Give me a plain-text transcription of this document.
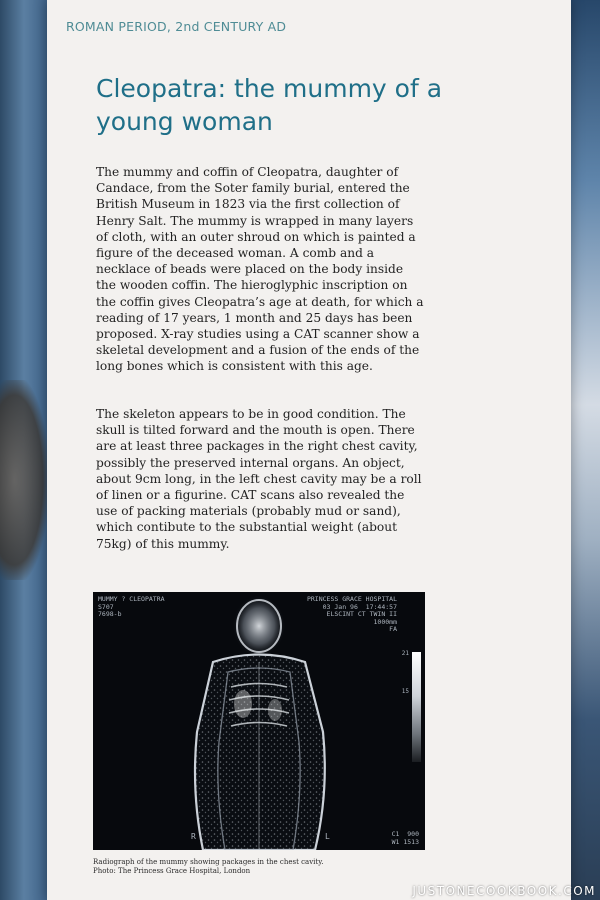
ROMAN PERIOD, 2nd CENTURY AD
Cleopatra: the mummy of a young woman

The mummy and coffin of Cleopatra, daughter of Candace, from the Soter family burial, entered the British Museum in 1823 via the first collection of Henry Salt. The mummy is wrapped in many layers of cloth, with an outer shroud on which is painted a figure of the deceased woman. A comb and a necklace of beads were placed on the body inside the wooden coffin. The hieroglyphic inscription on the coffin gives Cleopatra’s age at death, for which a reading of 17 years, 1 month and 25 days has been proposed. X-ray studies using a CAT scanner show a skeletal development and a fusion of the ends of the long bones which is consistent with this age.

The skeleton appears to be in good condition. The skull is tilted forward and the mouth is open. There are at least three packages in the right chest cavity, possibly the preserved internal organs. An object, about 9cm long, in the left chest cavity may be a roll of linen or a figurine. CAT scans also revealed the use of packing materials (probably mud or sand), which contibute to the substantial weight (about 75kg) of this mummy.

MUMMY ? CLEOPATRA
S707
7698-b
PRINCESS GRACE HOSPITAL
03 Jan 96  17:44:57
ELSCINT CT TWIN II
1000mm
FA
21
15
R	L	C1  900
W1 1513

Radiograph of the mummy showing packages in the chest cavity.
Photo: The Princess Grace Hospital, London

JUSTONECOOKBOOK.COM
